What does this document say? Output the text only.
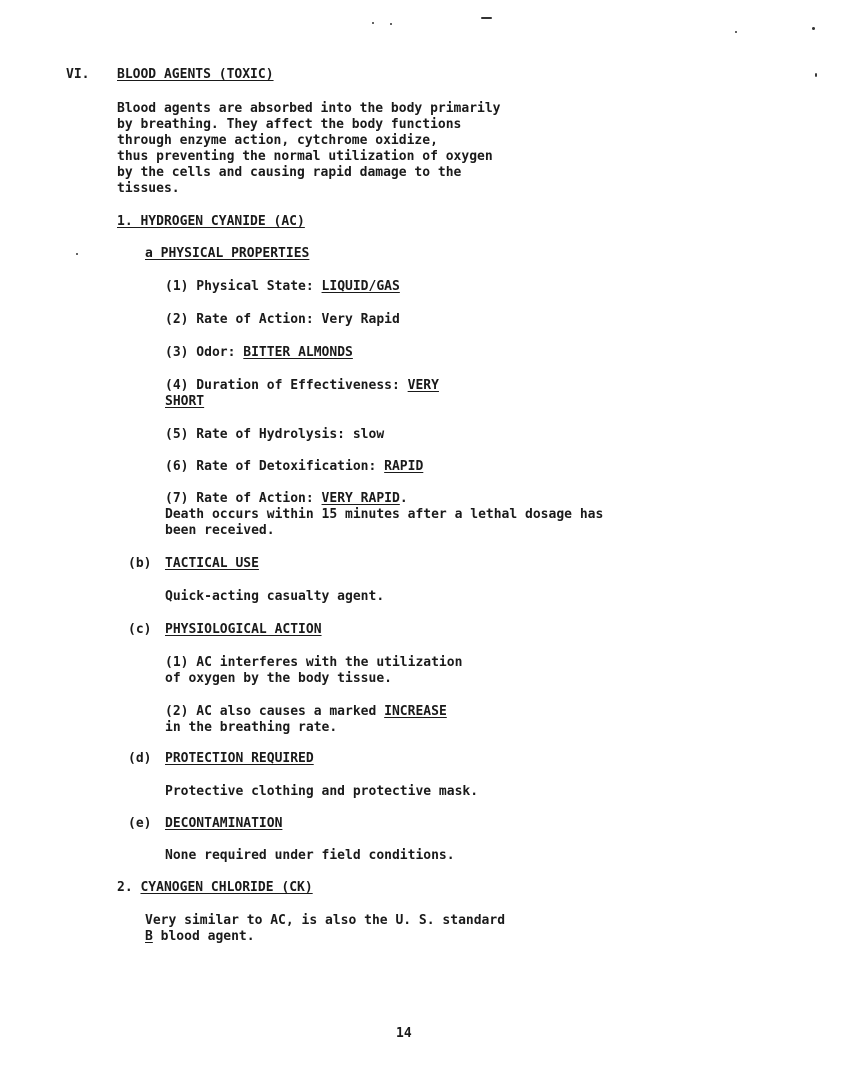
VI. BLOOD AGENTS (TOXIC)
Blood agents are absorbed into the body primarily
by breathing. They affect the body functions
through enzyme action, cytchrome oxidize,
thus preventing the normal utilization of oxygen
by the cells and causing rapid damage to the
tissues.
1. HYDROGEN CYANIDE (AC)
a PHYSICAL PROPERTIES
(1) Physical State: LIQUID/GAS
(2) Rate of Action: Very Rapid
(3) Odor: BITTER ALMONDS
(4) Duration of Effectiveness: VERY
SHORT
(5) Rate of Hydrolysis: slow
(6) Rate of Detoxification: RAPID
(7) Rate of Action: VERY RAPID.
Death occurs within 15 minutes after a lethal dosage has
been received.
(b) TACTICAL USE
Quick-acting casualty agent.
(c) PHYSIOLOGICAL ACTION
(1) AC interferes with the utilization
of oxygen by the body tissue.
(2) AC also causes a marked INCREASE
in the breathing rate.
(d) PROTECTION REQUIRED
Protective clothing and protective mask.
(e) DECONTAMINATION
None required under field conditions.
2. CYANOGEN CHLORIDE (CK)
Very similar to AC, is also the U. S. standard
B blood agent.
14
